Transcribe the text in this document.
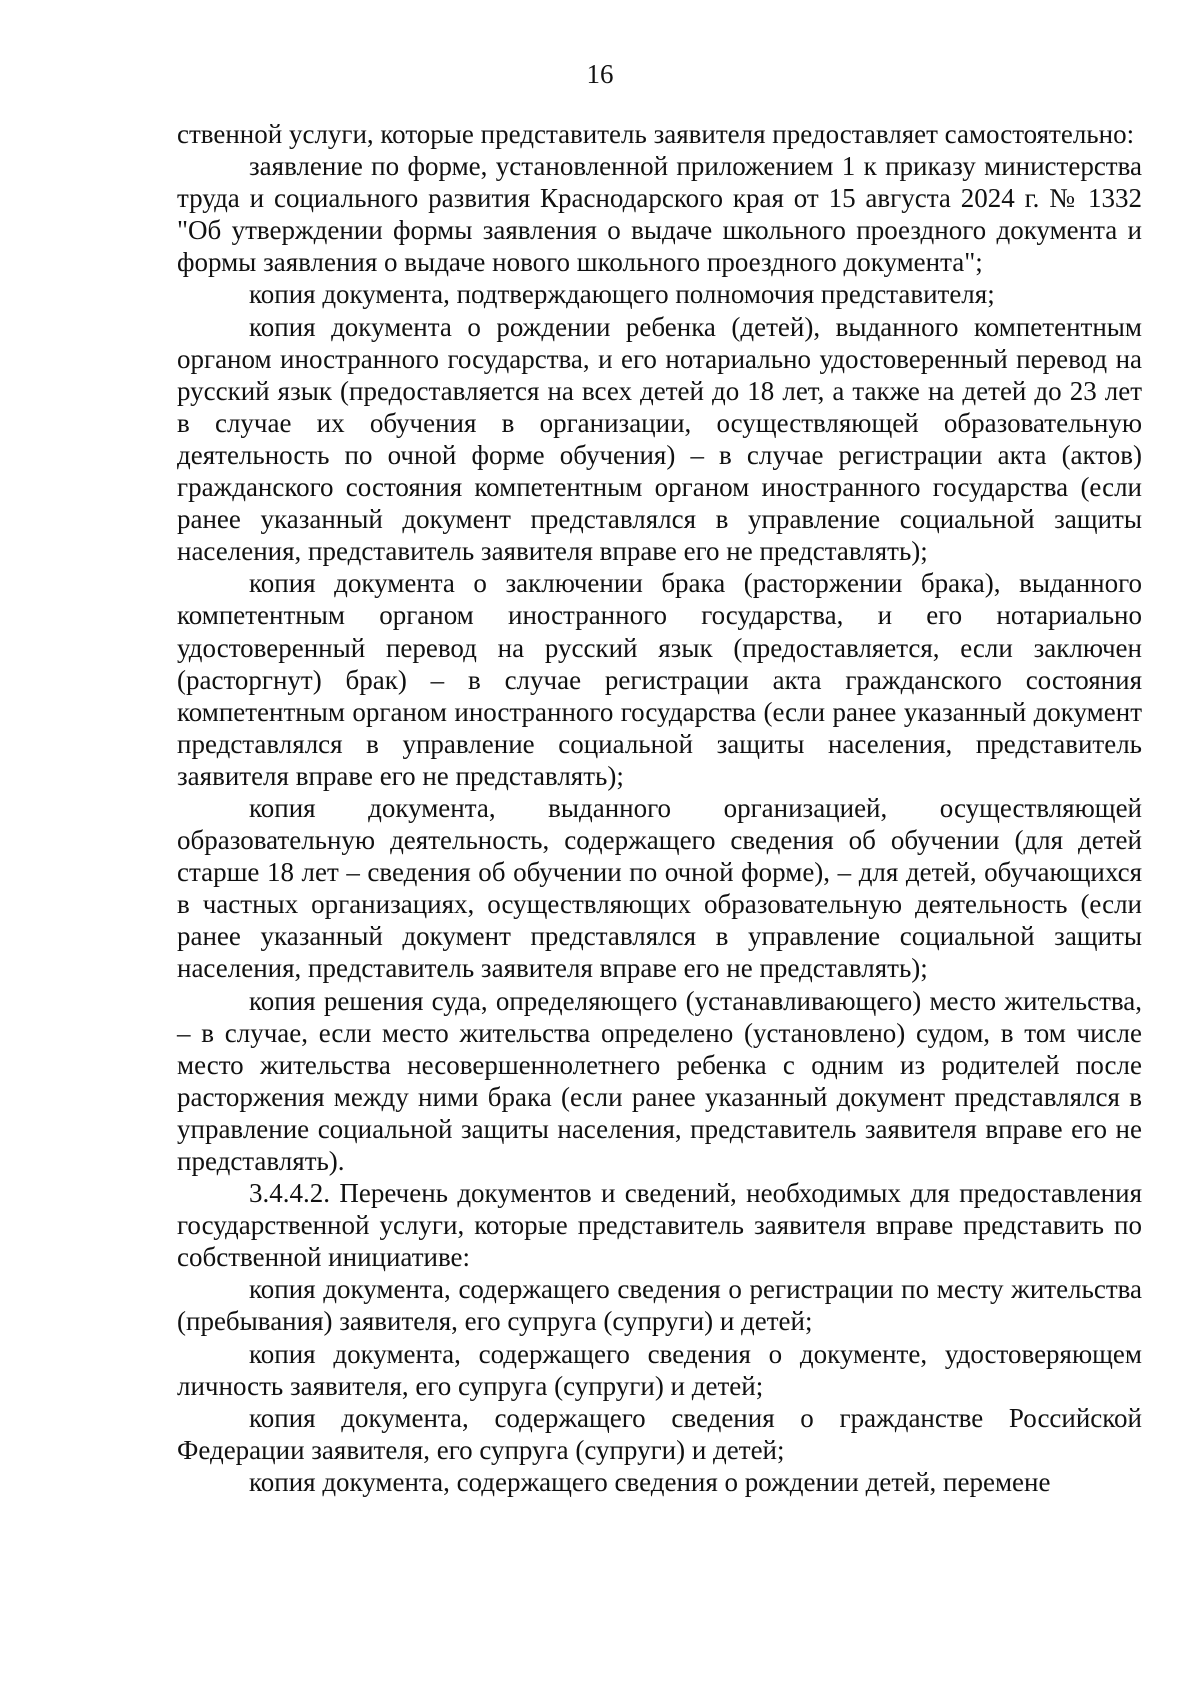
16

ственной услуги, которые представитель заявителя предоставляет самостоятельно:

заявление по форме, установленной приложением 1 к приказу министерства труда и социального развития Краснодарского края от 15 августа 2024 г. № 1332 "Об утверждении формы заявления о выдаче школьного проездного документа и формы заявления о выдаче нового школьного проездного документа";

копия документа, подтверждающего полномочия представителя;

копия документа о рождении ребенка (детей), выданного компетентным органом иностранного государства, и его нотариально удостоверенный перевод на русский язык (предоставляется на всех детей до 18 лет, а также на детей до 23 лет в случае их обучения в организации, осуществляющей образовательную деятельность по очной форме обучения) – в случае регистрации акта (актов) гражданского состояния компетентным органом иностранного государства (если ранее указанный документ представлялся в управление социальной защиты населения, представитель заявителя вправе его не представлять);

копия документа о заключении брака (расторжении брака), выданного компетентным органом иностранного государства, и его нотариально удостоверенный перевод на русский язык (предоставляется, если заключен (расторгнут) брак) – в случае регистрации акта гражданского состояния компетентным органом иностранного государства (если ранее указанный документ представлялся в управление социальной защиты населения, представитель заявителя вправе его не представлять);

копия документа, выданного организацией, осуществляющей образовательную деятельность, содержащего сведения об обучении (для детей старше 18 лет – сведения об обучении по очной форме), – для детей, обучающихся в частных организациях, осуществляющих образовательную деятельность (если ранее указанный документ представлялся в управление социальной защиты населения, представитель заявителя вправе его не представлять);

копия решения суда, определяющего (устанавливающего) место жительства, – в случае, если место жительства определено (установлено) судом, в том числе место жительства несовершеннолетнего ребенка с одним из родителей после расторжения между ними брака (если ранее указанный документ представлялся в управление социальной защиты населения, представитель заявителя вправе его не представлять).

3.4.4.2. Перечень документов и сведений, необходимых для предоставления государственной услуги, которые представитель заявителя вправе представить по собственной инициативе:

копия документа, содержащего сведения о регистрации по месту жительства (пребывания) заявителя, его супруга (супруги) и детей;

копия документа, содержащего сведения о документе, удостоверяющем личность заявителя, его супруга (супруги) и детей;

копия документа, содержащего сведения о гражданстве Российской Федерации заявителя, его супруга (супруги) и детей;

копия документа, содержащего сведения о рождении детей, перемене
